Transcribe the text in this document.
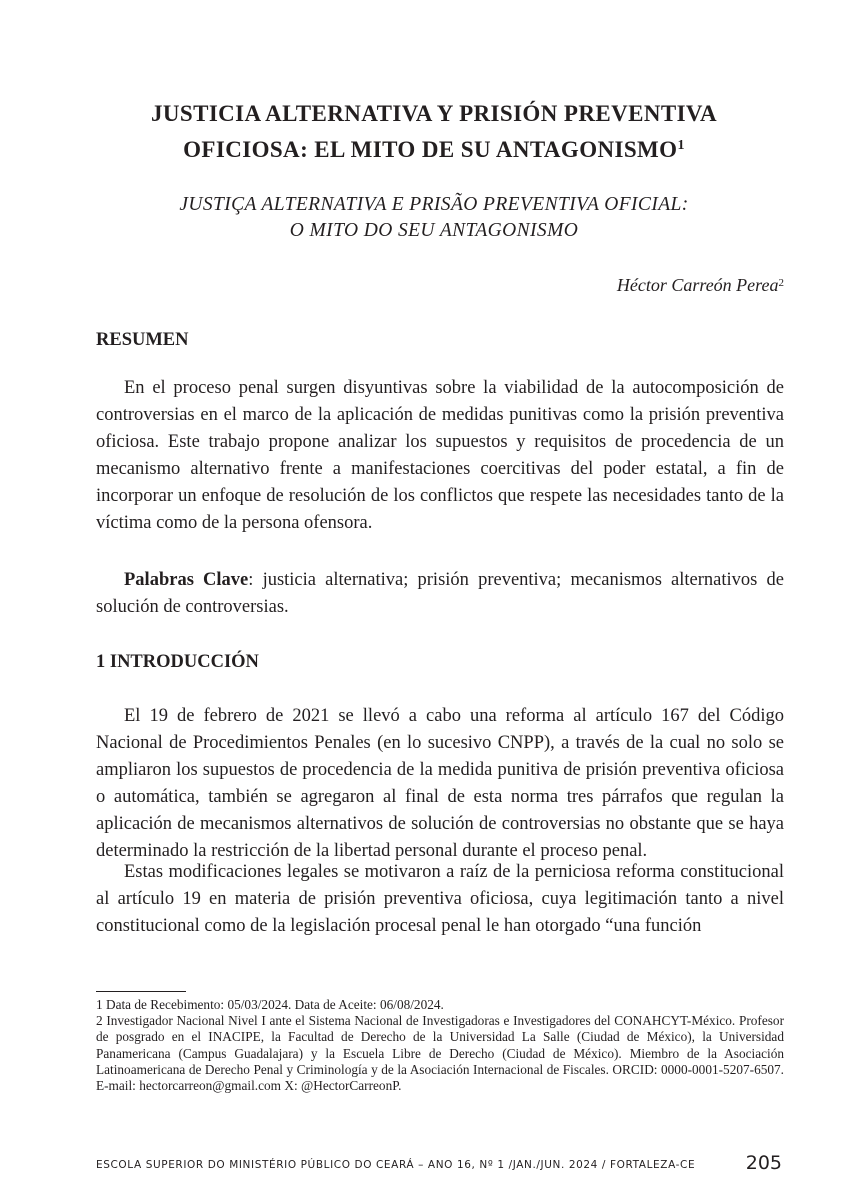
JUSTICIA ALTERNATIVA Y PRISIÓN PREVENTIVA
OFICIOSA: EL MITO DE SU ANTAGONISMO$^1$
JUSTIÇA ALTERNATIVA E PRISÃO PREVENTIVA OFICIAL:
O MITO DO SEU ANTAGONISMO
Héctor Carreón Perea$^2$
RESUMEN

En el proceso penal surgen disyuntivas sobre la viabilidad de la autocomposición de controversias en el marco de la aplicación de medidas punitivas como la prisión preventiva oficiosa. Este trabajo propone analizar los supuestos y requisitos de procedencia de un mecanismo alternativo frente a manifestaciones coercitivas del poder estatal, a fin de incorporar un enfoque de resolución de los conflictos que respete las necesidades tanto de la víctima como de la persona ofensora.

Palabras Clave: justicia alternativa; prisión preventiva; mecanismos alternativos de solución de controversias.

1 INTRODUCCIÓN

El 19 de febrero de 2021 se llevó a cabo una reforma al artículo 167 del Código Nacional de Procedimientos Penales (en lo sucesivo CNPP), a través de la cual no solo se ampliaron los supuestos de procedencia de la medida punitiva de prisión preventiva oficiosa o automática, también se agregaron al final de esta norma tres párrafos que regulan la aplicación de mecanismos alternativos de solución de controversias no obstante que se haya determinado la restricción de la libertad personal durante el proceso penal.

Estas modificaciones legales se motivaron a raíz de la perniciosa reforma constitucional al artículo 19 en materia de prisión preventiva oficiosa, cuya legitimación tanto a nivel constitucional como de la legislación procesal penal le han otorgado “una función

1 Data de Recebimento: 05/03/2024. Data de Aceite: 06/08/2024.

2 Investigador Nacional Nivel I ante el Sistema Nacional de Investigadoras e Investigadores del CONAHCYT-México. Profesor de posgrado en el INACIPE, la Facultad de Derecho de la Universidad La Salle (Ciudad de México), la Universidad Panamericana (Campus Guadalajara) y la Escuela Libre de Derecho (Ciudad de México). Miembro de la Asociación Latinoamericana de Derecho Penal y Criminología y de la Asociación Internacional de Fiscales. ORCID: 0000-0001-5207-6507. E-mail: hectorcarreon@gmail.com X: @HectorCarreonP.

ESCOLA SUPERIOR DO MINISTÉRIO PÚBLICO DO CEARÁ – ANO 16, Nº 1 /JAN./JUN. 2024 / FORTALEZA-CE	205
